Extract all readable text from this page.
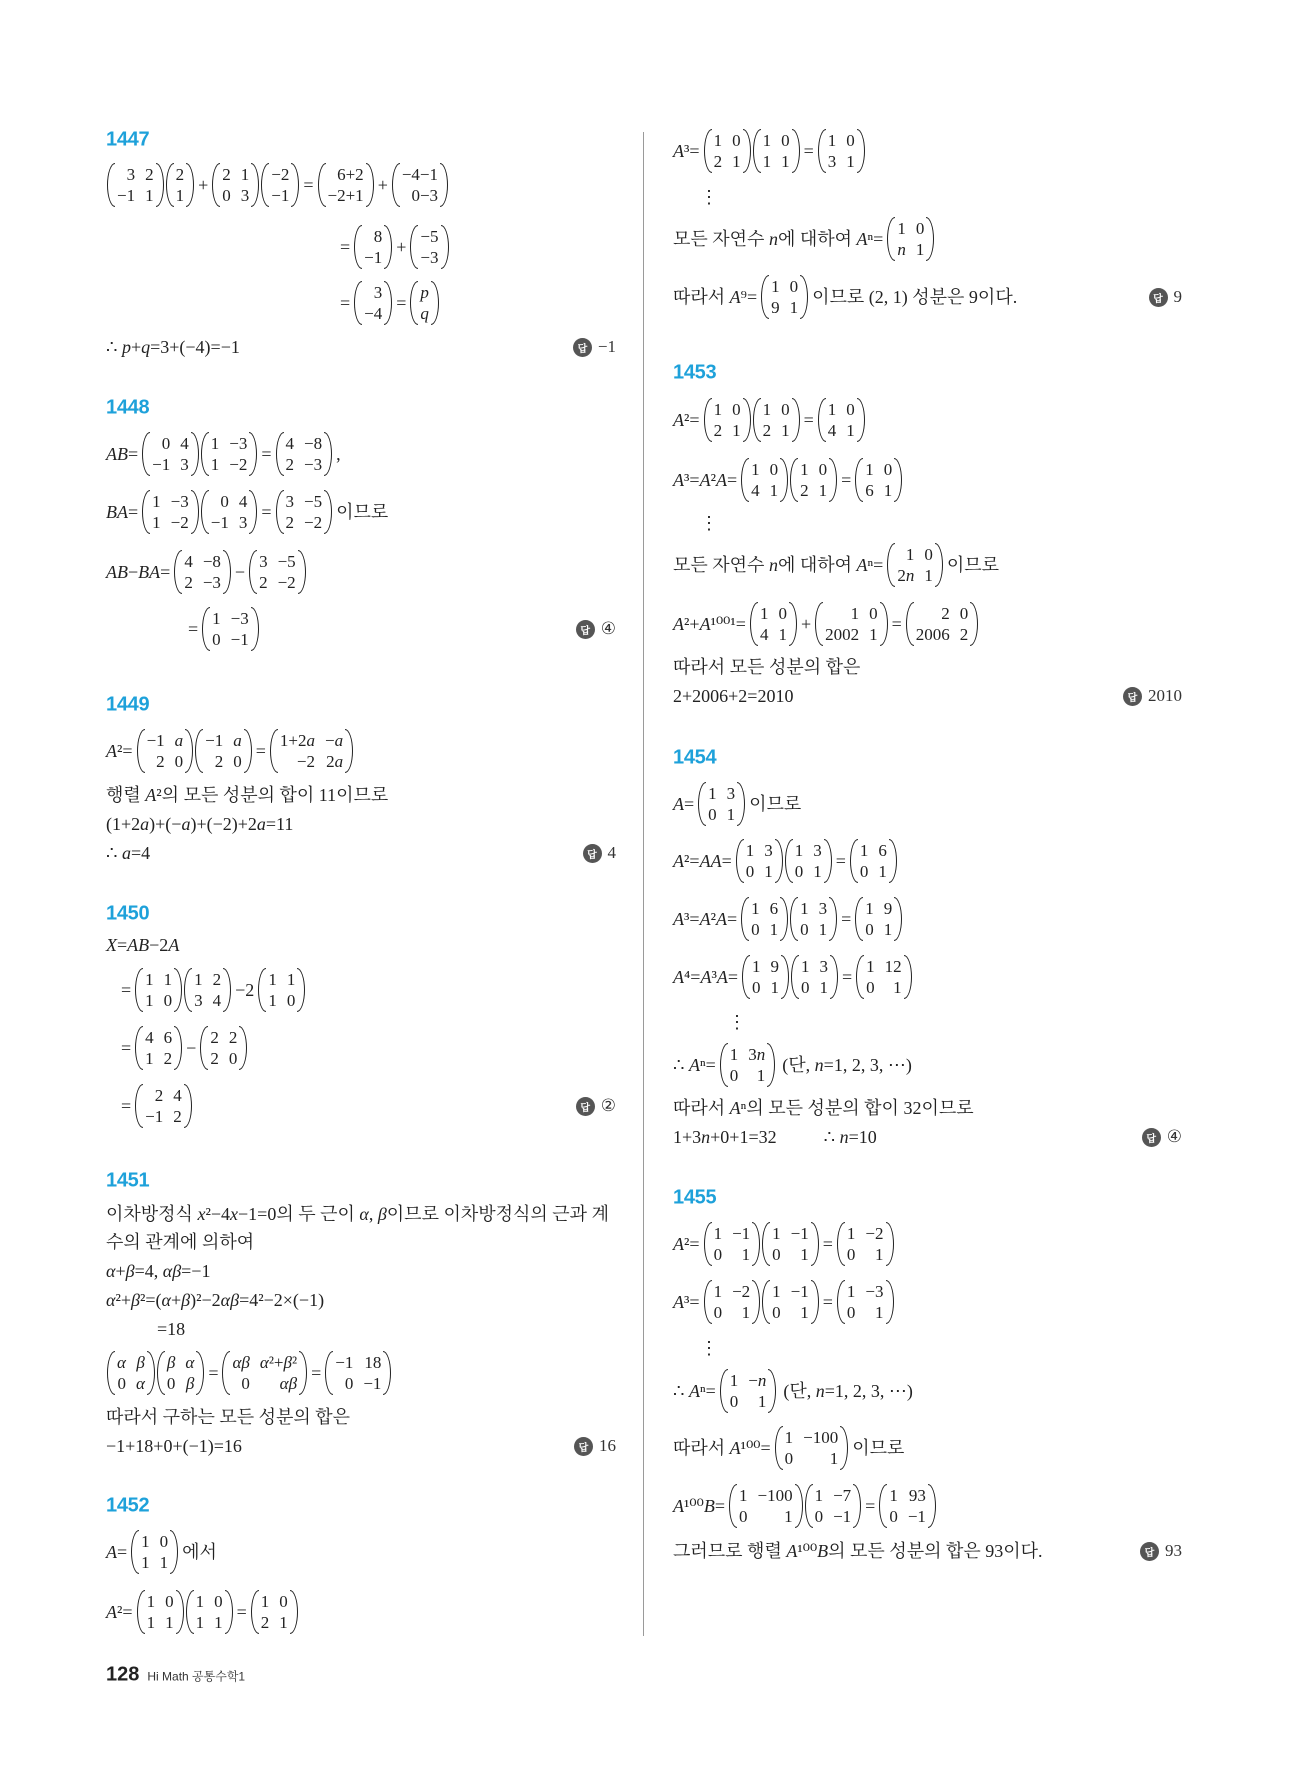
128 Hi Math 공통수학1
1447
3 2
−1 1
2
1
+
2 1
0 3
−2
−1
=
6+2
−2+1
+
−4−1
0−3
=
8
−1
+
−5
−3
=
3
−4
=
p
q
∴ p+q=3+(−4)=−1	답 −1
1448
AB=
0 4
−1 3
1 −3
1 −2
=
4 −8
2 −3
,
BA=
1 −3
1 −2
0 4
−1 3
=
3 −5
2 −2
이므로
AB−BA=
4 −8
2 −3
−
3 −5
2 −2
=
1 −3
0 −1	답 ④
1449
A²=
−1 a
2 0
−1 a
2 0
=
1+2a −a
−2 2a
행렬 A²의 모든 성분의 합이 11이므로
(1+2a)+(−a)+(−2)+2a=11
∴ a=4	답 4
1450
X=AB−2A
=
1 1
1 0
1 2
3 4
−2
1 1
1 0
=
4 6
1 2
−
2 2
2 0
=
2 4
−1 2	답 ②
1451
이차방정식 x²−4x−1=0의 두 근이 α, β이므로 이차방정식의 근과 계
수의 관계에 의하여
α+β=4, αβ=−1
α²+β²=(α+β)²−2αβ=4²−2×(−1)
=18
α β
0 α
β α
0 β
=
αβ α²+β²
0 αβ
=
−1 18
0 −1
따라서 구하는 모든 성분의 합은
−1+18+0+(−1)=16	답 16
1452
A=
1 0
1 1
에서
A²=
1 0
1 1
1 0
1 1
=
1 0
2 1
A³=
1 0
2 1
1 0
1 1
=
1 0
3 1
⋮
모든 자연수 n에 대하여 Aⁿ=
1 0
n 1
따라서 A⁹=
1 0
9 1
이므로 (2, 1) 성분은 9이다.	답 9
1453
A²=
1 0
2 1
1 0
2 1
=
1 0
4 1
A³=A²A=
1 0
4 1
1 0
2 1
=
1 0
6 1
⋮
모든 자연수 n에 대하여 Aⁿ=
1 0
2n 1
이므로
A²+A¹⁰⁰¹=
1 0
4 1
+
1 0
2002 1
=
2 0
2006 2
따라서 모든 성분의 합은
2+2006+2=2010	답 2010
1454
A=
1 3
0 1
이므로
A²=AA=
1 3
0 1
1 3
0 1
=
1 6
0 1
A³=A²A=
1 6
0 1
1 3
0 1
=
1 9
0 1
A⁴=A³A=
1 9
0 1
1 3
0 1
=
1 12
0 1
⋮
∴ Aⁿ=
1 3n
0 1
(단, n=1, 2, 3, ⋯)
따라서 Aⁿ의 모든 성분의 합이 32이므로
1+3n+0+1=32	∴ n=10	답 ④
1455
A²=
1 −1
0 1
1 −1
0 1
=
1 −2
0 1
A³=
1 −2
0 1
1 −1
0 1
=
1 −3
0 1
⋮
∴ Aⁿ=
1 −n
0 1
(단, n=1, 2, 3, ⋯)
따라서 A¹⁰⁰=
1 −100
0 1
이므로
A¹⁰⁰B=
1 −100
0 1
1 −7
0 −1
=
1 93
0 −1
그러므로 행렬 A¹⁰⁰B의 모든 성분의 합은 93이다.	답 93
